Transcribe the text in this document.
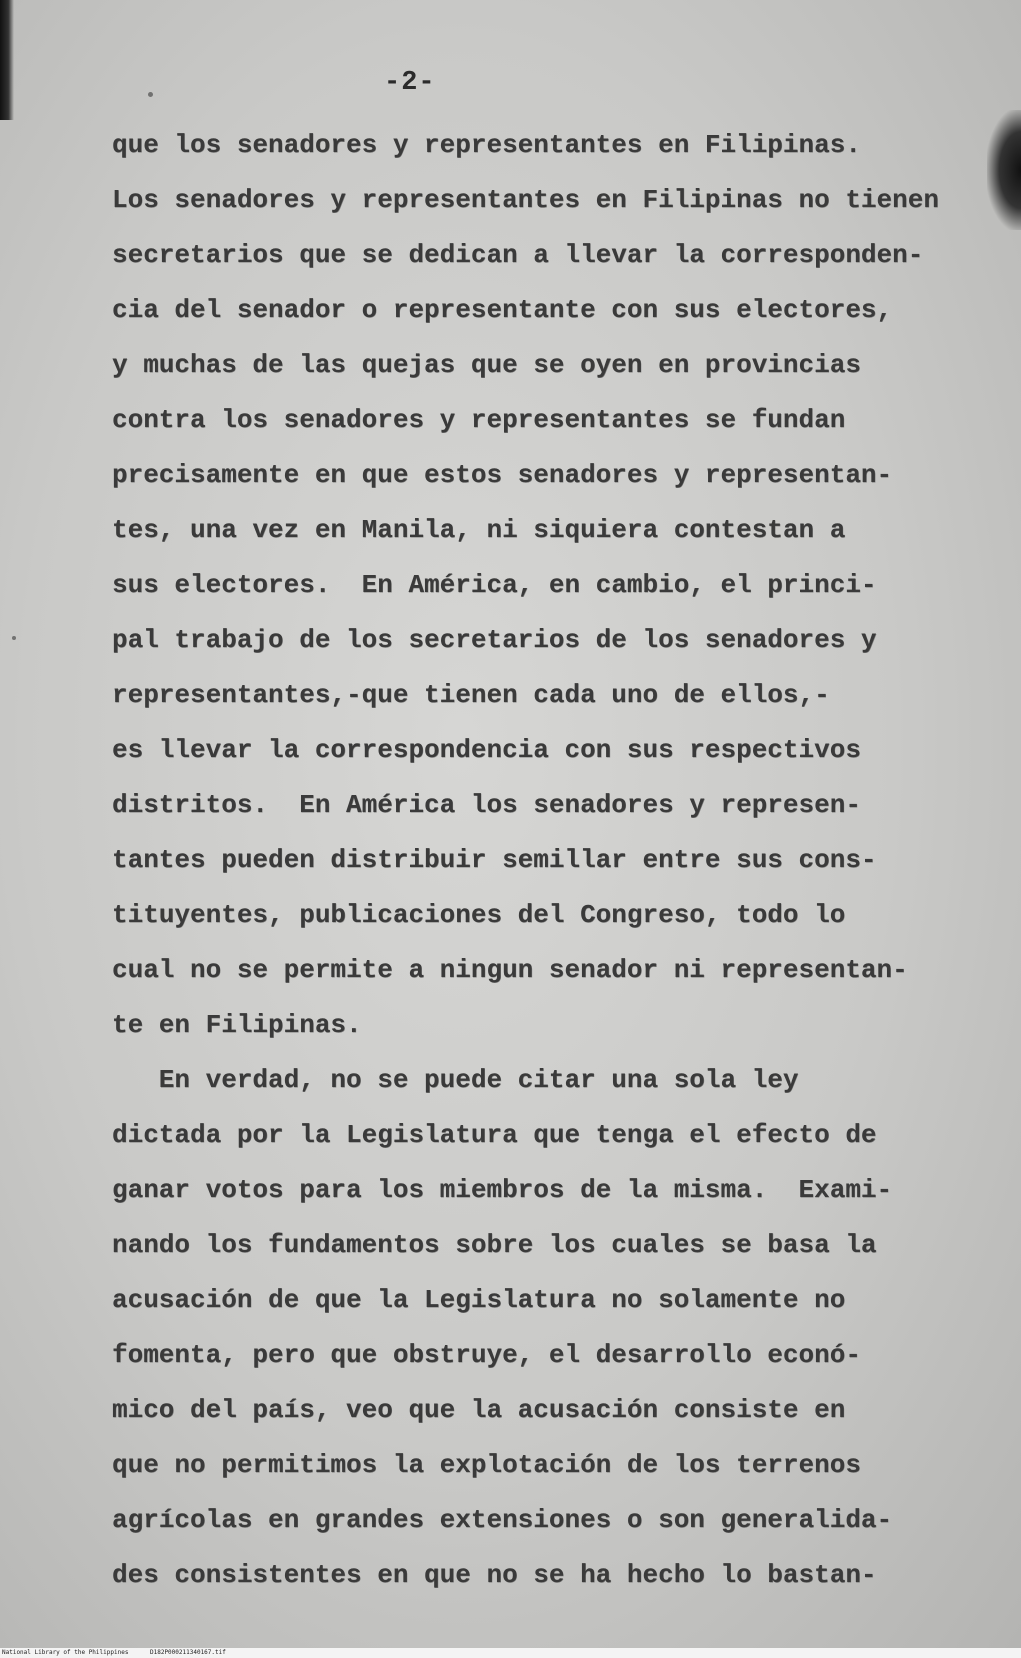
-2-
que los senadores y representantes en Filipinas.
Los senadores y representantes en Filipinas no tienen
secretarios que se dedican a llevar la corresponden-
cia del senador o representante con sus electores,
y muchas de las quejas que se oyen en provincias
contra los senadores y representantes se fundan
precisamente en que estos senadores y representan-
tes, una vez en Manila, ni siquiera contestan a
sus electores.  En América, en cambio, el princi-
pal trabajo de los secretarios de los senadores y
representantes,-que tienen cada uno de ellos,-
es llevar la correspondencia con sus respectivos
distritos.  En América los senadores y represen-
tantes pueden distribuir semillar entre sus cons-
tituyentes, publicaciones del Congreso, todo lo
cual no se permite a ningun senador ni representan-
te en Filipinas.
En verdad, no se puede citar una sola ley
dictada por la Legislatura que tenga el efecto de
ganar votos para los miembros de la misma.  Exami-
nando los fundamentos sobre los cuales se basa la
acusación de que la Legislatura no solamente no
fomenta, pero que obstruye, el desarrollo econó-
mico del país, veo que la acusación consiste en
que no permitimos la explotación de los terrenos
agrícolas en grandes extensiones o son generalida-
des consistentes en que no se ha hecho lo bastan-
National Library of the Philippines	D182P000211340167.tif
